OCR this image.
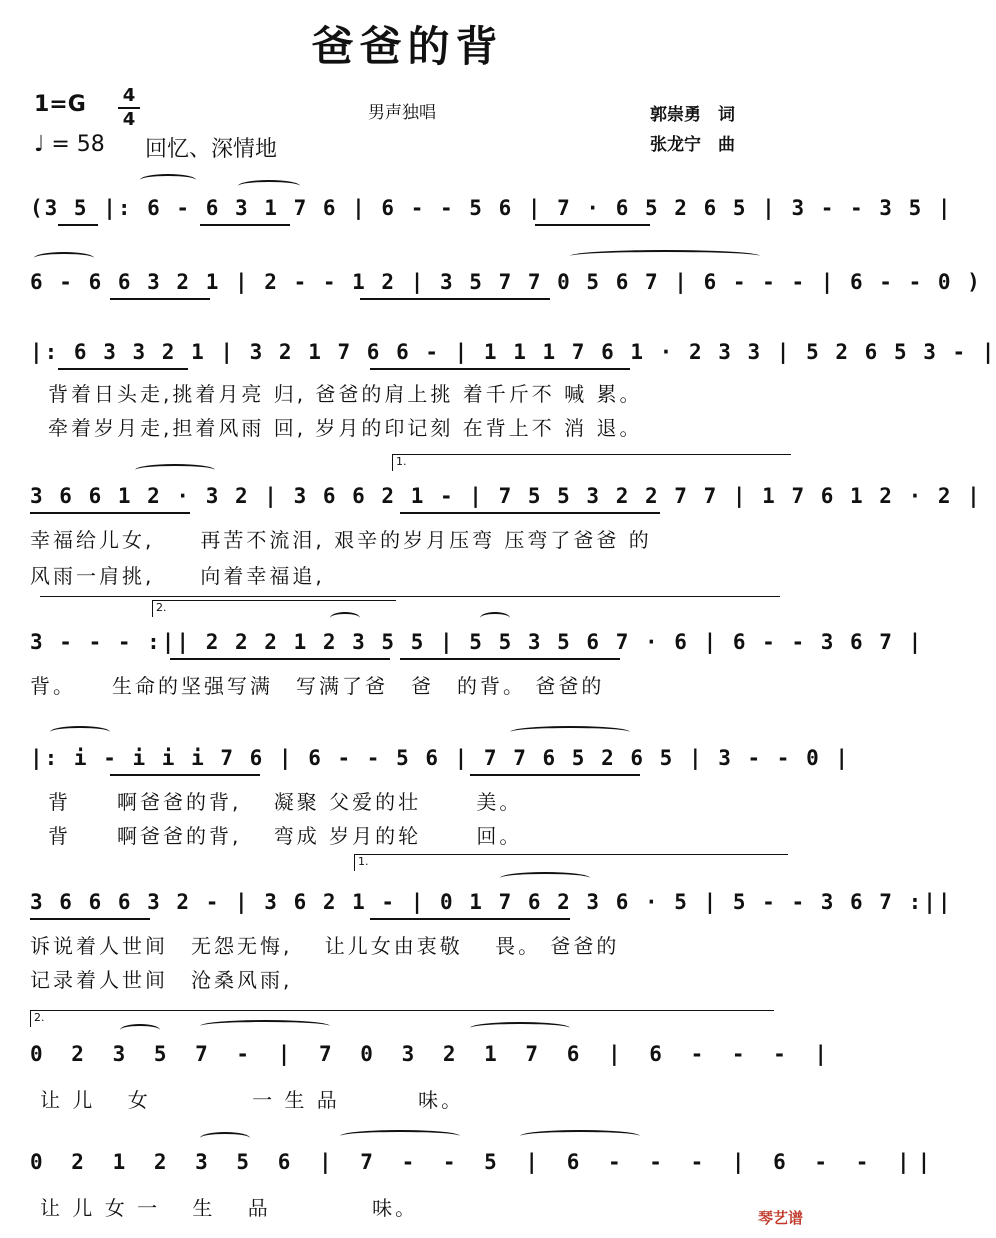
爸爸的背
1=G 4
4	男声独唱
♩ = 58 回忆、深情地
郭崇勇　词
张龙宁　曲
(3 5 |: 6 - 6 3 1 7 6 | 6 - - 5 6 | 7 · 6 5 2 6 5 | 3 - - 3 5 |
6 - 6 6 3 2 1 | 2 - - 1 2 | 3 5 7 7 0 5 6 7 | 6 - - - | 6 - - 0 )
|: 6 3 3 2 1 | 3 2 1 7 6 6 - | 1 1 1 7 6 1 · 2 3 3 | 5 2 6 5 3 - |
背着日头走,挑着月亮 归, 爸爸的肩上挑 着千斤不 喊 累。
牵着岁月走,担着风雨 回, 岁月的印记刻 在背上不 消 退。
1.
3 6 6 1 2 · 3 2 | 3 6 6 2 1 - | 7 5 5 3 2 2 7 7 | 1 7 6 1 2 · 2 |
幸福给儿女,　　再苦不流泪, 艰辛的岁月压弯 压弯了爸爸 的
风雨一肩挑,　　向着幸福追,
2.
3 - - - :|| 2 2 2 1 2 3 5 5 | 5 5 3 5 6 7 · 6 | 6 - - 3 6 7 |
背。　　生命的坚强写满　写满了爸　爸　的背。 爸爸的
|: i - i i i 7 6 | 6 - - 5 6 | 7 7 6 5 2 6 5 | 3 - - 0 |
背　　啊爸爸的背,　 凝聚 父爱的壮　　 美。
背　　啊爸爸的背,　 弯成 岁月的轮　　 回。
1.
3 6 6 6 3 2 - | 3 6 2 1 - | 0 1 7 6 2 3 6 · 5 | 5 - - 3 6 7 :||
诉说着人世间　无怨无悔,　 让儿女由衷敬　 畏。 爸爸的
记录着人世间　沧桑风雨,
2.
0 2 3 5 7 - | 7 0 3 2 1 7 6 | 6 - - - |
让 儿　 女　　　　 一 生 品　　　 味。
0 2 1 2 3 5 6 | 7 - - 5 | 6 - - - | 6 - - ||
让 儿 女 一　 生　 品　　　　 味。	琴艺谱
